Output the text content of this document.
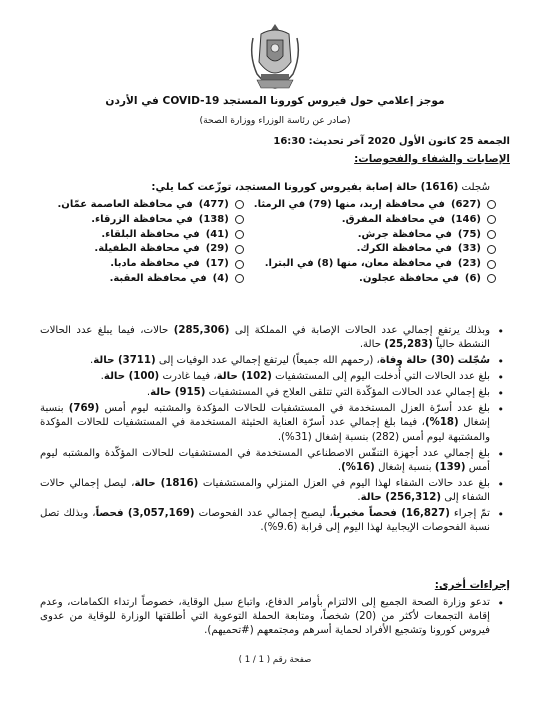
موجز إعلامي حول فيروس كورونا المستجد COVID-19 في الأردن
(صادر عن رئاسة الوزراء ووزارة الصحة)
الجمعة 25 كانون الأول 2020 آخر تحديث: 16:30
الإصابات والشفاء والفحوصات:
سُجلت (1616) حالة إصابة بفيروس كورونا المستجد، توزّعت كما يلي:
(627)
في محافظة إربد، منها (79) في الرمثا.
(477)
في محافظة العاصمة عمّان.
(146)
في محافظة المفرق.
(138)
في محافظة الزرقاء.
(75)
في محافظة جرش.
(41)
في محافظة البلقاء.
(33)
في محافظة الكرك.
(29)
في محافظة الطفيلة.
(23)
في محافظة معان، منها (8) في البترا.
(17)
في محافظة مادبا.
(6)
في محافظة عجلون.
(4)
في محافظة العقبة.
• وبذلك يرتفع إجمالي عدد الحالات الإصابة في المملكة إلى (285,306) حالات، فيما يبلغ عدد الحالات النشطة حالياً (25,283) حالة.
• سُجّلت (30) حالة وفاة، (رحمهم الله جميعاً) ليرتفع إجمالي عدد الوفيات إلى (3711) حالة.
• بلغ عدد الحالات التي أُدخلت اليوم إلى المستشفيات (102) حالة، فيما غادرت (100) حالة.
• بلغ إجمالي عدد الحالات المؤكّدة التي تتلقى العلاج في المستشفيات (915) حالة.
• بلغ عدد أسرّة العزل المستخدمة في المستشفيات للحالات المؤكدة والمشتبه ليوم أمس (769) بنسبة إشغال (18%)، فيما بلغ إجمالي عدد أسرّة العناية الحثيثة المستخدمة في المستشفيات للحالات المؤكدة والمشتبهة ليوم أمس (282) بنسبة إشغال (31%).
• بلغ إجمالي عدد أجهزة التنفّس الاصطناعي المستخدمة في المستشفيات للحالات المؤكّدة والمشتبه ليوم أمس (139) بنسبة إشغال (16%).
• بلغ عدد حالات الشفاء لهذا اليوم في العزل المنزلي والمستشفيات (1816) حالة، ليصل إجمالي حالات الشفاء إلى (256,312) حالة.
• تمّ إجراء (16,827) فحصاً مخبرياً، ليصبح إجمالي عدد الفحوصات (3,057,169) فحصاً، وبذلك تصل نسبة الفحوصات الإيجابية لهذا اليوم إلى قرابة (9.6%).
إجراءات أخرى:
• تدعو وزارة الصحة الجميع إلى الالتزام بأوامر الدفاع، واتباع سبل الوقاية، خصوصاً ارتداء الكمامات، وعدم إقامة التجمعات لأكثر من (20) شخصاً، ومتابعة الحملة التوعوية التي أطلقتها الوزارة للوقاية من عدوى فيروس كورونا وتشجيع الأفراد لحماية أسرهم ومجتمعهم (#تحميهم).
صفحة رقم ( 1 / 1 )
